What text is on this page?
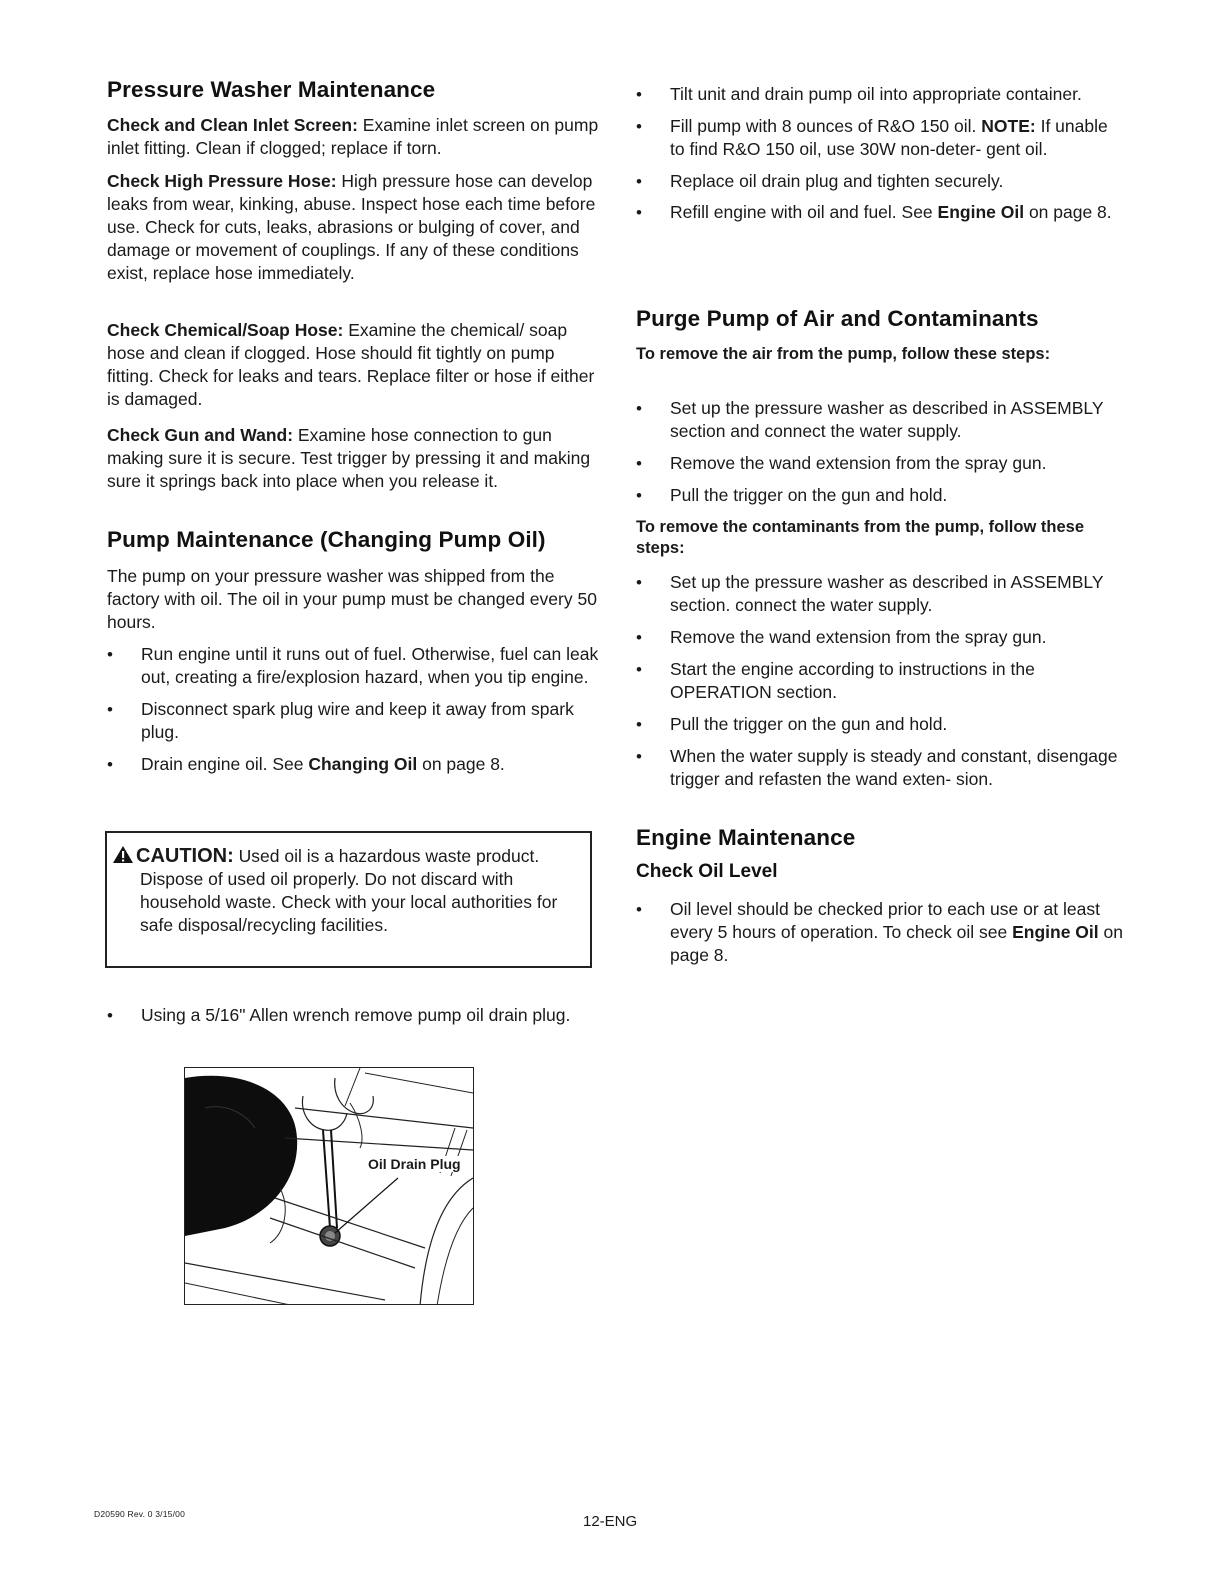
Pressure Washer Maintenance

Check and Clean Inlet Screen: Examine inlet screen on pump inlet fitting. Clean if clogged; replace if torn.

Check High Pressure Hose: High pressure hose can develop leaks from wear, kinking, abuse. Inspect hose each time before use. Check for cuts, leaks, abrasions or bulging of cover, and damage or movement of couplings. If any of these conditions exist, replace hose immediately.

Check Chemical/Soap Hose: Examine the chemical/ soap hose and clean if clogged. Hose should fit tightly on pump fitting. Check for leaks and tears. Replace filter or hose if either is damaged.

Check Gun and Wand: Examine hose connection to gun making sure it is secure. Test trigger by pressing it and making sure it springs back into place when you release it.

Pump Maintenance (Changing Pump Oil)

The pump on your pressure washer was shipped from the factory with oil. The oil in your pump must be changed every 50 hours.

• Run engine until it runs out of fuel. Otherwise, fuel can leak out, creating a fire/explosion hazard, when you tip engine.
• Disconnect spark plug wire and keep it away from spark plug.
• Drain engine oil. See Changing Oil on page 8.
CAUTION: Used oil is a hazardous waste product. Dispose of used oil properly. Do not discard with household waste. Check with your local authorities for safe disposal/recycling facilities.
• Using a 5/16" Allen wrench remove pump oil drain plug.
Oil Drain Plug
• Tilt unit and drain pump oil into appropriate container.
• Fill pump with 8 ounces of R&O 150 oil. NOTE: If unable to find R&O 150 oil, use 30W non-deter- gent oil.
• Replace oil drain plug and tighten securely.
• Refill engine with oil and fuel. See Engine Oil on page 8.
Purge Pump of Air and Contaminants

To remove the air from the pump, follow these steps:

• Set up the pressure washer as described in ASSEMBLY section and connect the water supply.
• Remove the wand extension from the spray gun.
• Pull the trigger on the gun and hold.

To remove the contaminants from the pump, follow these steps:

• Set up the pressure washer as described in ASSEMBLY section. connect the water supply.
• Remove the wand extension from the spray gun.
• Start the engine according to instructions in the OPERATION section.
• Pull the trigger on the gun and hold.
• When the water supply is steady and constant, disengage trigger and refasten the wand exten- sion.
Engine Maintenance
Check Oil Level
• Oil level should be checked prior to each use or at least every 5 hours of operation. To check oil see Engine Oil on page 8.
D20590 Rev. 0 3/15/00	12-ENG
